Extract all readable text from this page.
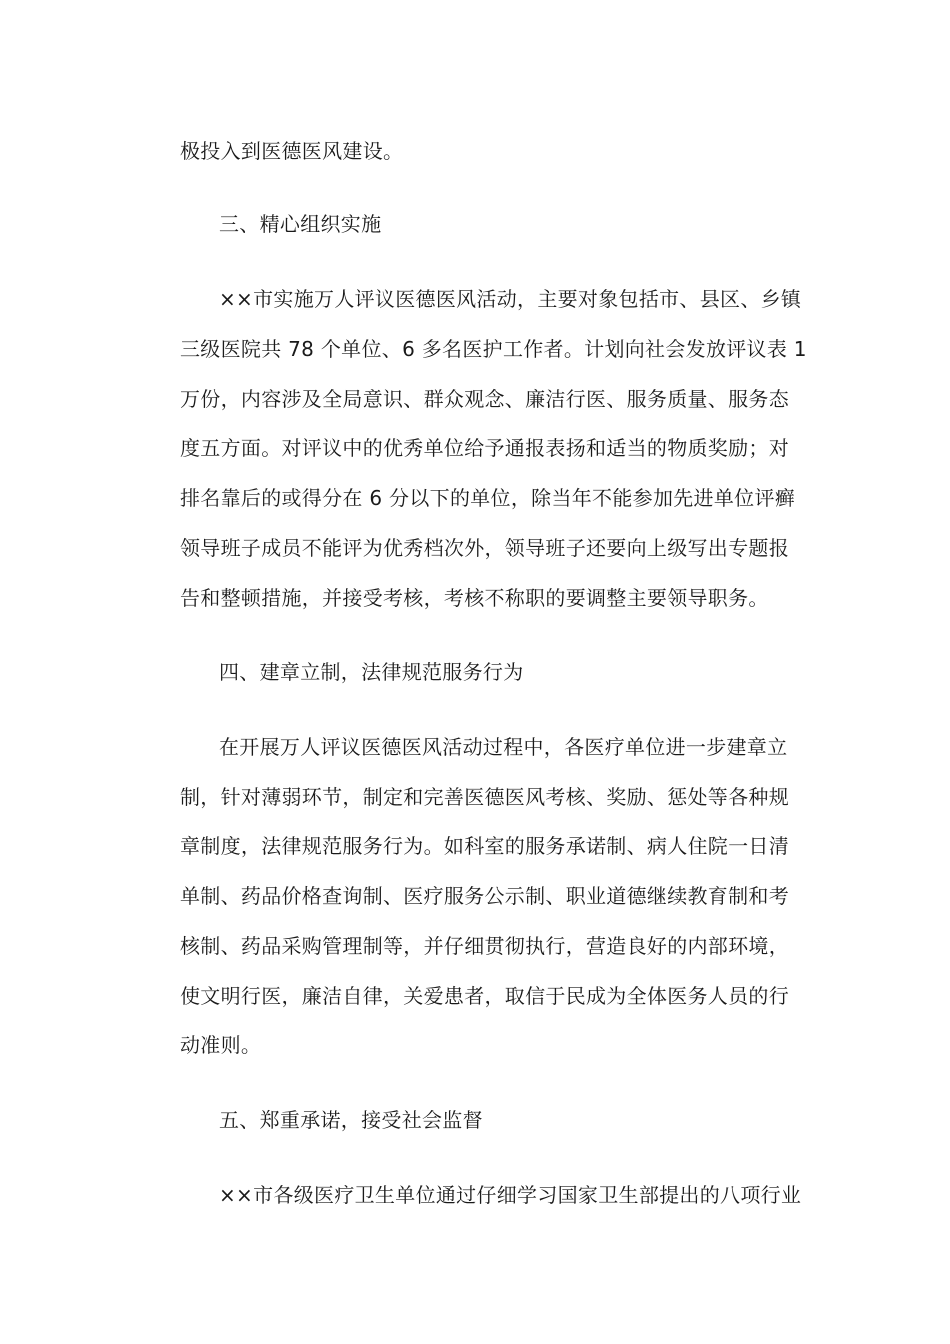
极投入到医德医风建设。
三、精心组织实施
××市实施万人评议医德医风活动，主要对象包括市、县区、乡镇
三级医院共 78 个单位、6 多名医护工作者。计划向社会发放评议表 1
万份，内容涉及全局意识、群众观念、廉洁行医、服务质量、服务态
度五方面。对评议中的优秀单位给予通报表扬和适当的物质奖励；对
排名靠后的或得分在 6 分以下的单位，除当年不能参加先进单位评癣
领导班子成员不能评为优秀档次外，领导班子还要向上级写出专题报
告和整顿措施，并接受考核，考核不称职的要调整主要领导职务。
四、建章立制，法律规范服务行为
在开展万人评议医德医风活动过程中，各医疗单位进一步建章立
制，针对薄弱环节，制定和完善医德医风考核、奖励、惩处等各种规
章制度，法律规范服务行为。如科室的服务承诺制、病人住院一日清
单制、药品价格查询制、医疗服务公示制、职业道德继续教育制和考
核制、药品采购管理制等，并仔细贯彻执行，营造良好的内部环境，
使文明行医，廉洁自律，关爱患者，取信于民成为全体医务人员的行
动准则。
五、郑重承诺，接受社会监督
××市各级医疗卫生单位通过仔细学习国家卫生部提出的八项行业
